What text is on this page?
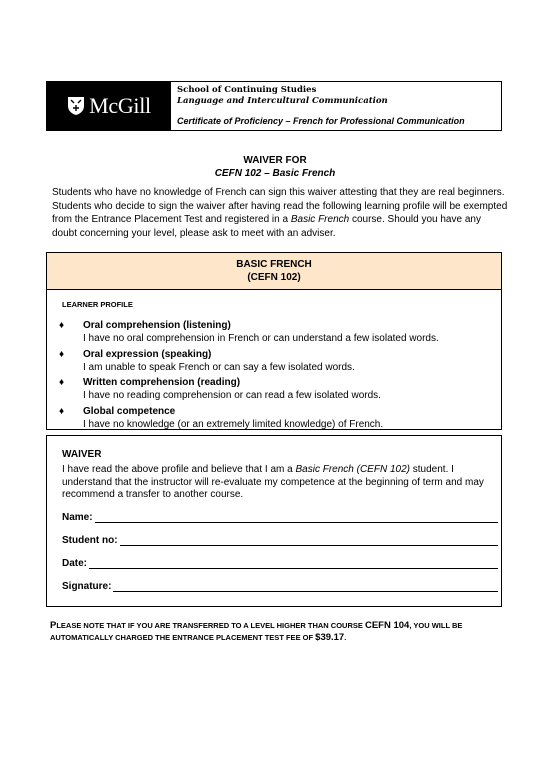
McGill
School of Continuing Studies
Language and Intercultural Communication
Certificate of Proficiency – French for Professional Communication
WAIVER FOR
CEFN 102 – Basic French
Students who have no knowledge of French can sign this waiver attesting that they are real beginners. Students who decide to sign the waiver after having read the following learning profile will be exempted from the Entrance Placement Test and registered in a Basic French course. Should you have any doubt concerning your level, please ask to meet with an adviser.
BASIC FRENCH
(CEFN 102)
LEARNER PROFILE
♦ Oral comprehension (listening)
I have no oral comprehension in French or can understand a few isolated words.
♦ Oral expression (speaking)
I am unable to speak French or can say a few isolated words.
♦ Written comprehension (reading)
I have no reading comprehension or can read a few isolated words.
♦ Global competence
I have no knowledge (or an extremely limited knowledge) of French.
WAIVER
I have read the above profile and believe that I am a Basic French (CEFN 102) student. I understand that the instructor will re-evaluate my competence at the beginning of term and may recommend a transfer to another course.
Name:
Student no:
Date:
Signature:
PLEASE NOTE THAT IF YOU ARE TRANSFERRED TO A LEVEL HIGHER THAN COURSE CEFN 104, YOU WILL BE AUTOMATICALLY CHARGED THE ENTRANCE PLACEMENT TEST FEE OF $39.17.
